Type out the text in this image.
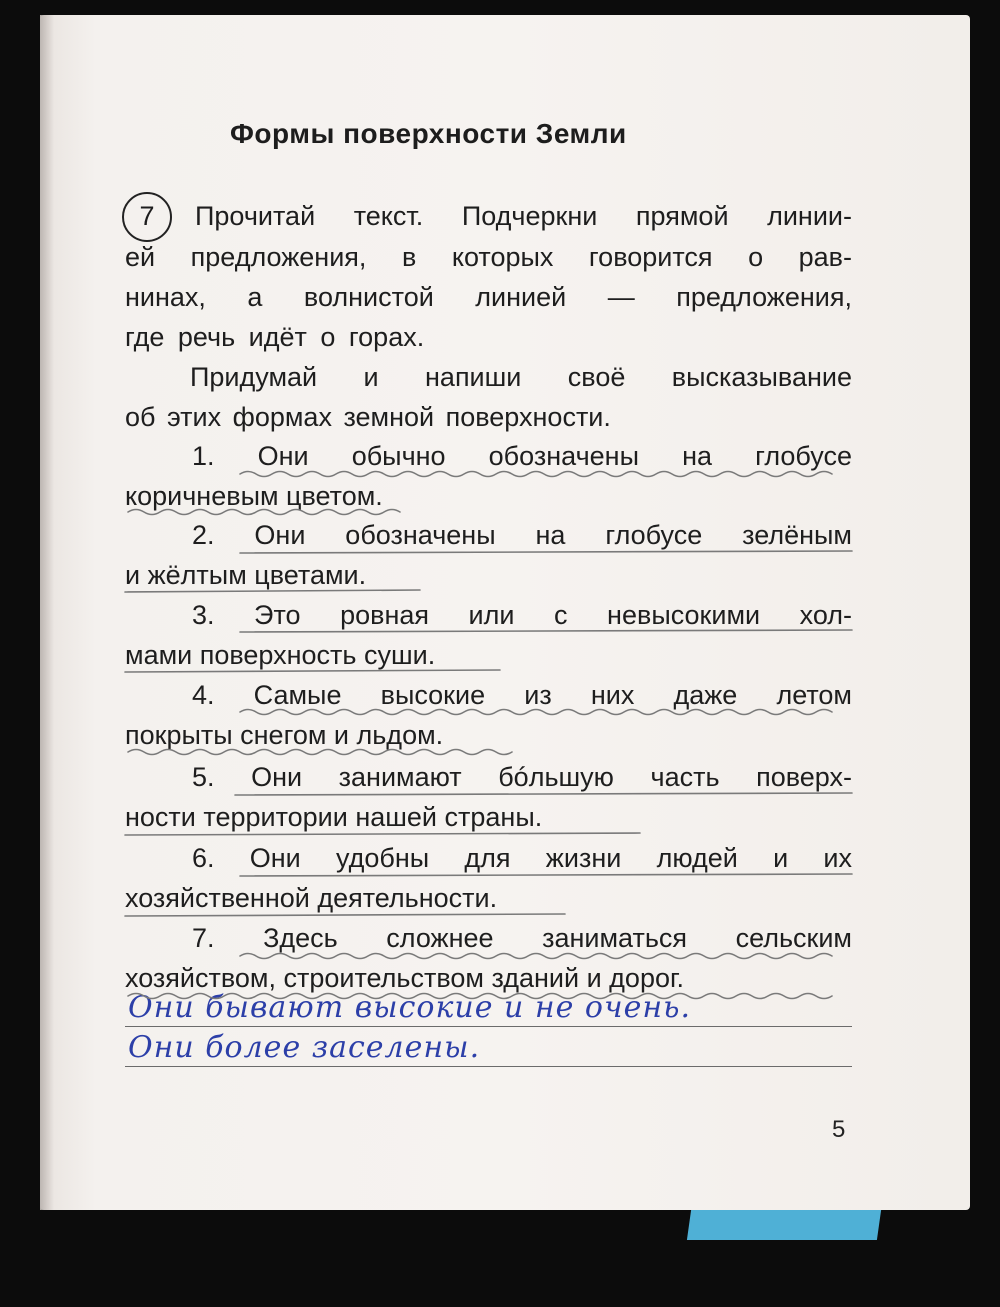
Формы поверхности Земли
7	Прочитай текст. Подчеркни прямой линии-
ей предложения, в которых говорится о рав-
нинах, а волнистой линией — предложения,
где речь идёт о горах.
Придумай и напиши своё высказывание
об этих формах земной поверхности.
1. Они обычно обозначены на глобусе
коричневым цветом.
2. Они обозначены на глобусе зелёным
и жёлтым цветами.
3. Это ровная или с невысокими хол-
мами поверхность суши.
4. Самые высокие из них даже летом
покрыты снегом и льдом.
5. Они занимают бóльшую часть поверх-
ности территории нашей страны.
6. Они удобны для жизни людей и их
хозяйственной деятельности.
7. Здесь сложнее заниматься сельским
хозяйством, строительством зданий и дорог.
Они бывают высокие и не очень.
Они более заселены.
5
